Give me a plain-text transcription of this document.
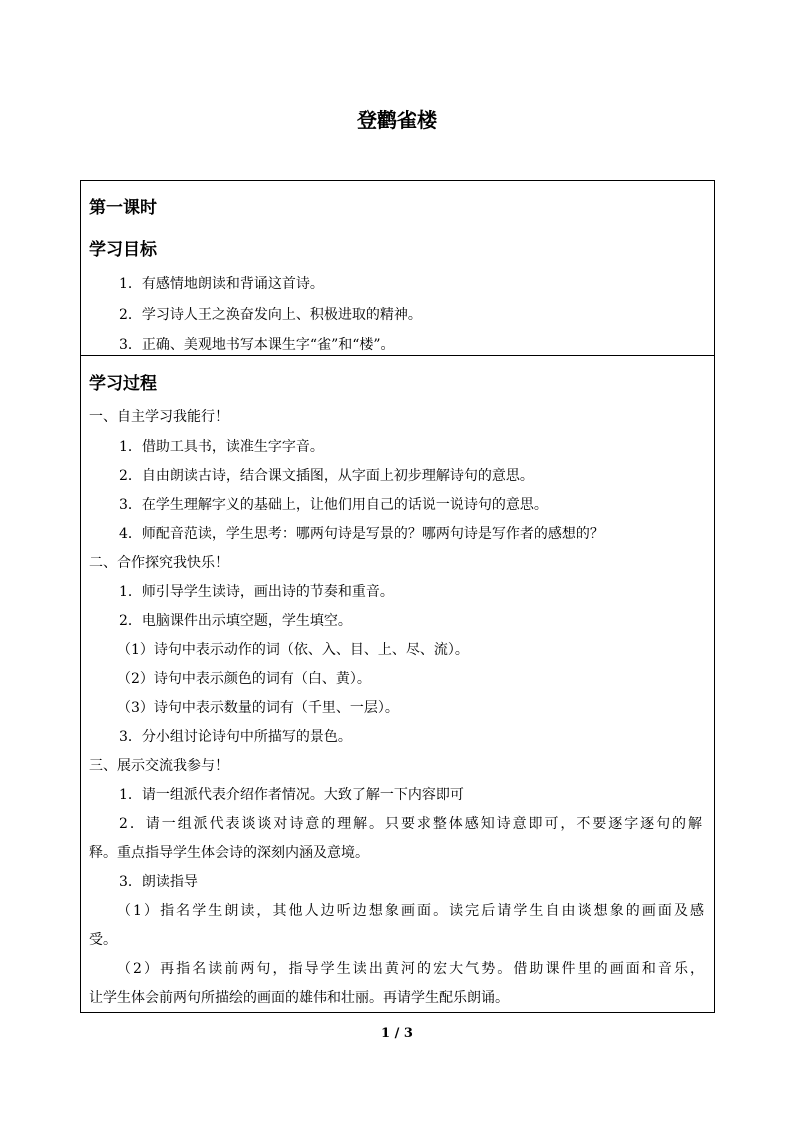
登鹳雀楼
第一课时
学习目标
1．有感情地朗读和背诵这首诗。
2．学习诗人王之涣奋发向上、积极进取的精神。
3．正确、美观地书写本课生字“雀”和“楼”。
学习过程
一、自主学习我能行！
1．借助工具书，读准生字字音。
2．自由朗读古诗，结合课文插图，从字面上初步理解诗句的意思。
3．在学生理解字义的基础上，让他们用自己的话说一说诗句的意思。
4．师配音范读，学生思考：哪两句诗是写景的？哪两句诗是写作者的感想的？
二、合作探究我快乐！
1．师引导学生读诗，画出诗的节奏和重音。
2．电脑课件出示填空题，学生填空。
（1）诗句中表示动作的词（依、入、目、上、尽、流）。
（2）诗句中表示颜色的词有（白、黄）。
（3）诗句中表示数量的词有（千里、一层）。
3．分小组讨论诗句中所描写的景色。
三、展示交流我参与！
1．请一组派代表介绍作者情况。大致了解一下内容即可
2．请一组派代表谈谈对诗意的理解。只要求整体感知诗意即可，不要逐字逐句的解
释。重点指导学生体会诗的深刻内涵及意境。
3．朗读指导
（1）指名学生朗读，其他人边听边想象画面。读完后请学生自由谈想象的画面及感
受。
（2）再指名读前两句，指导学生读出黄河的宏大气势。借助课件里的画面和音乐，
让学生体会前两句所描绘的画面的雄伟和壮丽。再请学生配乐朗诵。
1 / 3
